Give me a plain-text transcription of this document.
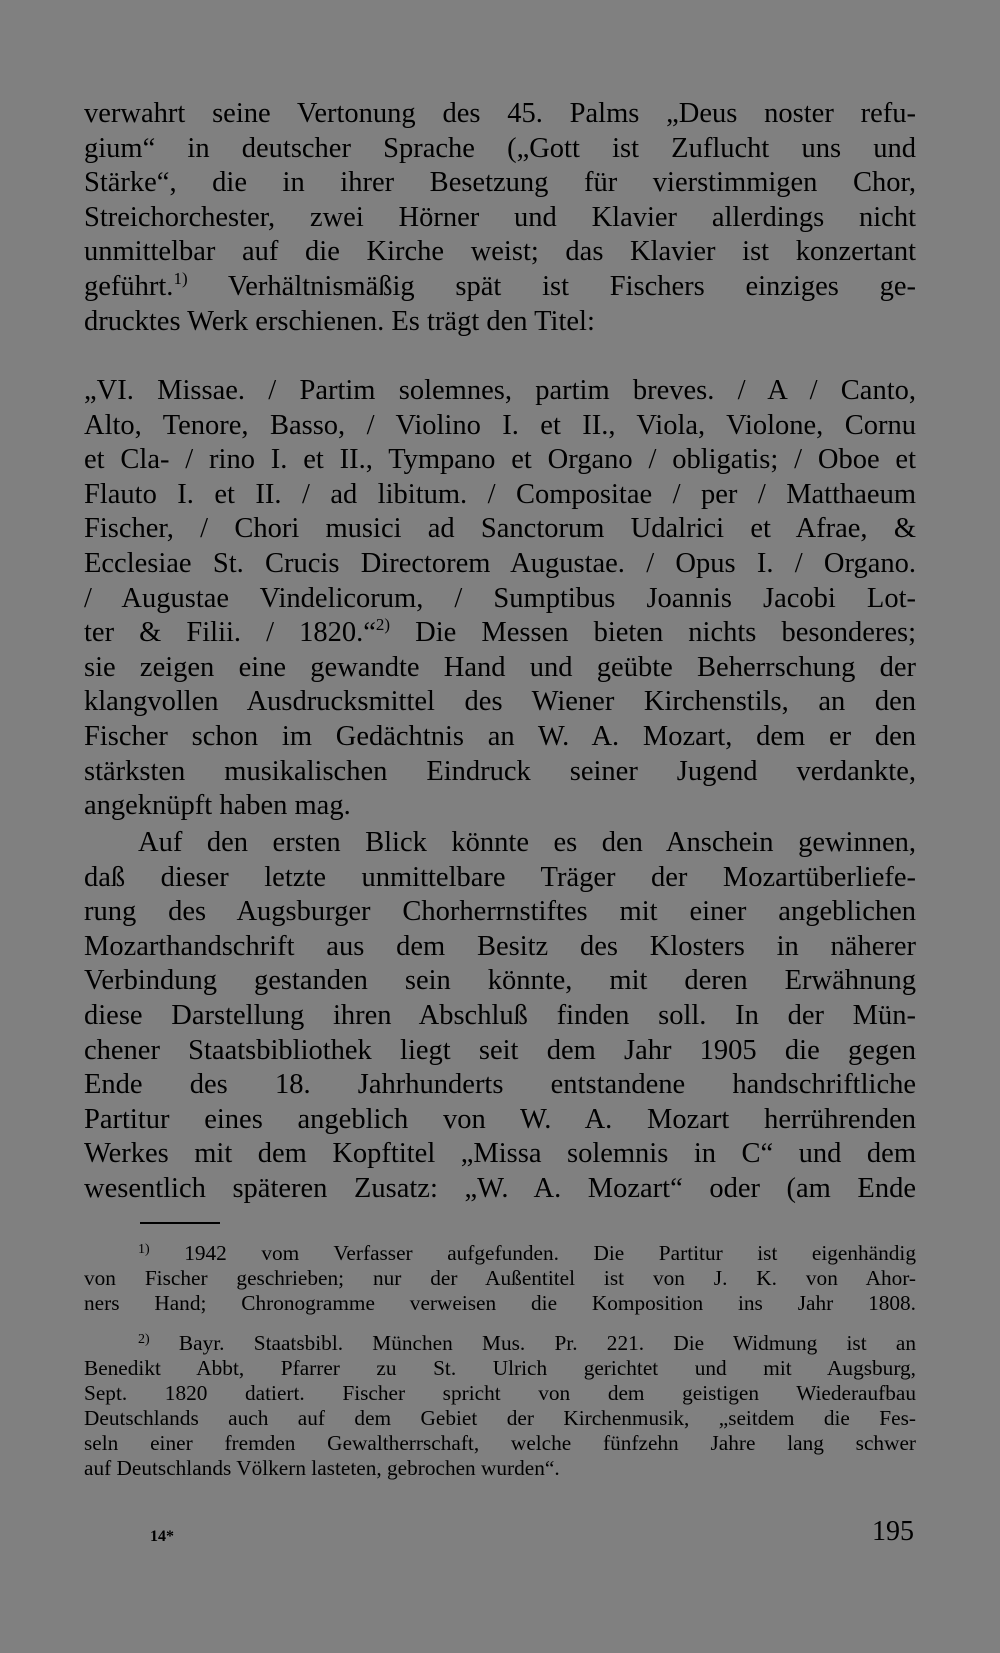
verwahrt seine Vertonung des 45. Palms „Deus noster refu-
gium“ in deutscher Sprache („Gott ist Zuflucht uns und
Stärke“, die in ihrer Besetzung für vierstimmigen Chor,
Streichorchester, zwei Hörner und Klavier allerdings nicht
unmittelbar auf die Kirche weist; das Klavier ist konzertant
geführt.$^{1)}$ Verhältnismäßig spät ist Fischers einziges ge-
drucktes Werk erschienen. Es trägt den Titel:
„VI. Missae. / Partim solemnes, partim breves. / A / Canto,
Alto, Tenore, Basso, / Violino I. et II., Viola, Violone, Cornu
et Cla- / rino I. et II., Tympano et Organo / obligatis; / Oboe et
Flauto I. et II. / ad libitum. / Compositae / per / Matthaeum
Fischer, / Chori musici ad Sanctorum Udalrici et Afrae, &
Ecclesiae St. Crucis Directorem Augustae. / Opus I. / Organo.
/ Augustae Vindelicorum, / Sumptibus Joannis Jacobi Lot-
ter & Filii. / 1820.“$^{2)}$ Die Messen bieten nichts besonderes;
sie zeigen eine gewandte Hand und geübte Beherrschung der
klangvollen Ausdrucksmittel des Wiener Kirchenstils, an den
Fischer schon im Gedächtnis an W. A. Mozart, dem er den
stärksten musikalischen Eindruck seiner Jugend verdankte,
angeknüpft haben mag.
Auf den ersten Blick könnte es den Anschein gewinnen,
daß dieser letzte unmittelbare Träger der Mozartüberliefe-
rung des Augsburger Chorherrnstiftes mit einer angeblichen
Mozarthandschrift aus dem Besitz des Klosters in näherer
Verbindung gestanden sein könnte, mit deren Erwähnung
diese Darstellung ihren Abschluß finden soll. In der Mün-
chener Staatsbibliothek liegt seit dem Jahr 1905 die gegen
Ende des 18. Jahrhunderts entstandene handschriftliche
Partitur eines angeblich von W. A. Mozart herrührenden
Werkes mit dem Kopftitel „Missa solemnis in C“ und dem
wesentlich späteren Zusatz: „W. A. Mozart“ oder (am Ende
$^{1)}$ 1942 vom Verfasser aufgefunden. Die Partitur ist eigenhändig
von Fischer geschrieben; nur der Außentitel ist von J. K. von Ahor-
ners Hand; Chronogramme verweisen die Komposition ins Jahr 1808.
$^{2)}$ Bayr. Staatsbibl. München Mus. Pr. 221. Die Widmung ist an
Benedikt Abbt, Pfarrer zu St. Ulrich gerichtet und mit Augsburg,
Sept. 1820 datiert. Fischer spricht von dem geistigen Wiederaufbau
Deutschlands auch auf dem Gebiet der Kirchenmusik, „seitdem die Fes-
seln einer fremden Gewaltherrschaft, welche fünfzehn Jahre lang schwer
auf Deutschlands Völkern lasteten, gebrochen wurden“.
14*	195
